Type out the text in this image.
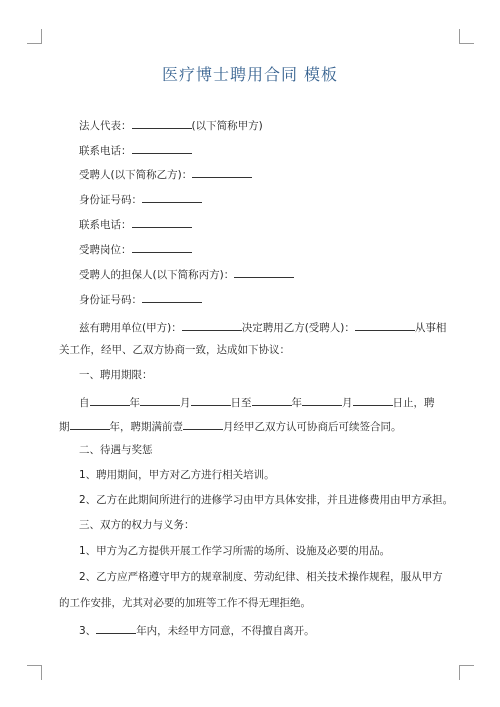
医疗博士聘用合同 模板
法人代表：	(以下简称甲方)
联系电话：
受聘人(以下简称乙方)：
身份证号码：
联系电话：
受聘岗位：
受聘人的担保人(以下简称丙方)：
身份证号码：
兹有聘用单位(甲方)：	决定聘用乙方(受聘人)：	从事相
关工作，经甲、乙双方协商一致，达成如下协议：
一、聘用期限：
自	年	月	日至	年	月	日止，聘
期	年，聘期满前壹	月经甲乙双方认可协商后可续签合同。
二、待遇与奖惩
1、聘用期间，甲方对乙方进行相关培训。
2、乙方在此期间所进行的进修学习由甲方具体安排，并且进修费用由甲方承担。
三、双方的权力与义务：
1、甲方为乙方提供开展工作学习所需的场所、设施及必要的用品。
2、乙方应严格遵守甲方的规章制度、劳动纪律、相关技术操作规程，服从甲方
的工作安排，尤其对必要的加班等工作不得无理拒绝。
3、	年内，未经甲方同意，不得擅自离开。
